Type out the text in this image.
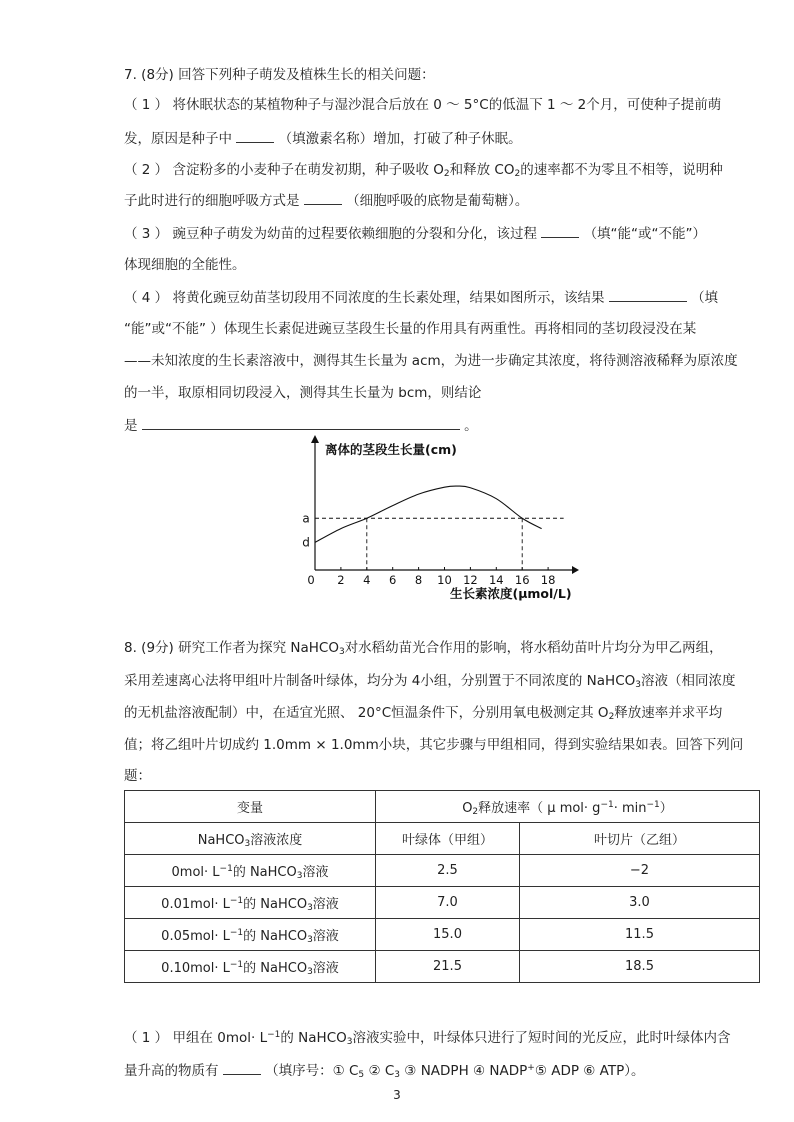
7. (8分) 回答下列种子萌发及植株生长的相关问题：
（ 1 ） 将休眠状态的某植物种子与湿沙混合后放在 0 ～ 5°C的低温下 1 ～ 2个月，可使种子提前萌
发，原因是种子中	（填激素名称）增加，打破了种子休眠。
（ 2 ） 含淀粉多的小麦种子在萌发初期，种子吸收 $O_2$和释放 $CO_2$的速率都不为零且不相等，说明种
子此时进行的细胞呼吸方式是	（细胞呼吸的底物是葡萄糖）。
（ 3 ） 豌豆种子萌发为幼苗的过程要依赖细胞的分裂和分化，该过程	（填“能“或“不能”）
体现细胞的全能性。
（ 4 ） 将黄化豌豆幼苗茎切段用不同浓度的生长素处理，结果如图所示，该结果	（填
“能”或“不能” ）体现生长素促进豌豆茎段生长量的作用具有两重性。再将相同的茎切段浸没在某
——未知浓度的生长素溶液中，测得其生长量为 acm，为进一步确定其浓度，将待测溶液稀释为原浓度
的一半，取原相同切段浸入，测得其生长量为 bcm，则结论
是	。
离体的茎段生长量(cm)
生长素浓度(μmol/L)
0 2 4 6 8 10 12 14 16 18
a
d
8. (9分) 研究工作者为探究 NaHCO$_3$对水稻幼苗光合作用的影响，将水稻幼苗叶片均分为甲乙两组，
采用差速离心法将甲组叶片制备叶绿体，均分为 4小组，分别置于不同浓度的 NaHCO$_3$溶液（相同浓度
的无机盐溶液配制）中，在适宜光照、 20°C恒温条件下，分别用氧电极测定其 $O_2$释放速率并求平均
值；将乙组叶片切成约 1.0mm × 1.0mm小块，其它步骤与甲组相同，得到实验结果如表。回答下列问
题：
变量	$O_2$释放速率（ μ $mol\cdot g^{-1}\cdot \min^{-1}$）	
NaHCO$_3$溶液浓度	叶绿体（甲组）	叶切片（乙组）
$0mol\cdot L^{-1}$的 NaHCO$_3$溶液	2.5	−2
$0.01mol\cdot L^{-1}$的 NaHCO$_3$溶液	7.0	3.0
$0.05mol\cdot L^{-1}$的 NaHCO$_3$溶液	15.0	11.5
$0.10mol\cdot L^{-1}$的 NaHCO$_3$溶液	21.5	18.5
（ 1 ） 甲组在 $0mol\cdot L^{-1}$的 NaHCO$_3$溶液实验中，叶绿体只进行了短时间的光反应，此时叶绿体内含
量升高的物质有	（填序号：① $C_5$ ② $C_3$ ③ NADPH ④ NADP+⑤ ADP ⑥ ATP）。
3
